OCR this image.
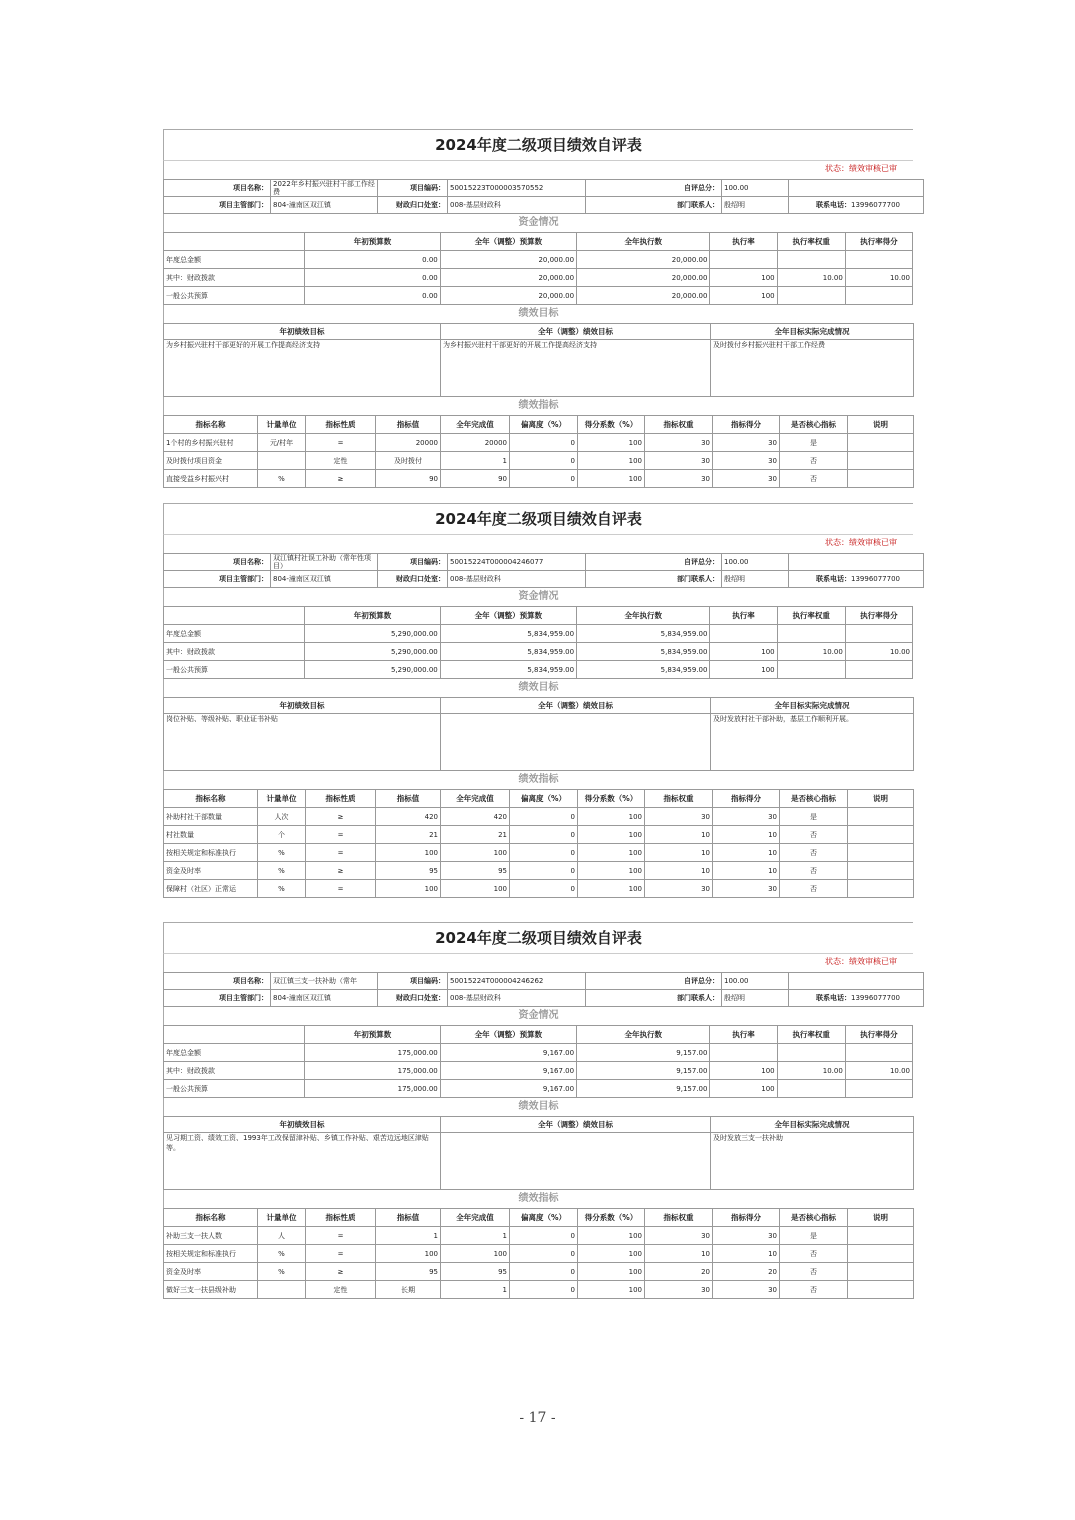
2024年度二级项目绩效自评表
状态：绩效审核已审
项目名称：	2022年乡村振兴驻村干部工作经费	项目编码：	50015223T000003570552	自评总分：	100.00	
项目主管部门：	804-潼南区双江镇	财政归口处室：	008-基层财政科	部门联系人：	殷绍明	联系电话：13996077700
资金情况
	年初预算数	全年（调整）预算数	全年执行数	执行率	执行率权重	执行率得分
年度总金额	0.00	20,000.00	20,000.00			
其中：财政拨款	0.00	20,000.00	20,000.00	100	10.00	10.00
一般公共预算	0.00	20,000.00	20,000.00	100		
绩效目标
年初绩效目标	全年（调整）绩效目标	全年目标实际完成情况
为乡村振兴驻村干部更好的开展工作提高经济支持	为乡村振兴驻村干部更好的开展工作提高经济支持	及时拨付乡村振兴驻村干部工作经费
绩效指标
指标名称	计量单位	指标性质	指标值	全年完成值	偏离度（%）	得分系数（%）	指标权重	指标得分	是否核心指标	说明
1个村的乡村振兴驻村	元/村年	=	20000	20000	0	100	30	30	是	
及时拨付项目资金		定性	及时拨付	1	0	100	30	30	否	
直接受益乡村振兴村	%	≥	90	90	0	100	30	30	否	
2024年度二级项目绩效自评表
状态：绩效审核已审
项目名称：	双江镇村社误工补助（常年性项目）	项目编码：	50015224T000004246077	自评总分：	100.00	
项目主管部门：	804-潼南区双江镇	财政归口处室：	008-基层财政科	部门联系人：	殷绍明	联系电话：13996077700
资金情况
	年初预算数	全年（调整）预算数	全年执行数	执行率	执行率权重	执行率得分
年度总金额	5,290,000.00	5,834,959.00	5,834,959.00			
其中：财政拨款	5,290,000.00	5,834,959.00	5,834,959.00	100	10.00	10.00
一般公共预算	5,290,000.00	5,834,959.00	5,834,959.00	100		
绩效目标
年初绩效目标	全年（调整）绩效目标	全年目标实际完成情况
岗位补贴、等级补贴、职业证书补贴		及时发放村社干部补助，基层工作顺利开展。
绩效指标
指标名称	计量单位	指标性质	指标值	全年完成值	偏离度（%）	得分系数（%）	指标权重	指标得分	是否核心指标	说明
补助村社干部数量	人次	≥	420	420	0	100	30	30	是	
村社数量	个	=	21	21	0	100	10	10	否	
按相关规定和标准执行	%	=	100	100	0	100	10	10	否	
资金及时率	%	≥	95	95	0	100	10	10	否	
保障村（社区）正常运	%	=	100	100	0	100	30	30	否	
2024年度二级项目绩效自评表
状态：绩效审核已审
项目名称：	双江镇三支一扶补助（常年	项目编码：	50015224T000004246262	自评总分：	100.00	
项目主管部门：	804-潼南区双江镇	财政归口处室：	008-基层财政科	部门联系人：	殷绍明	联系电话：13996077700
资金情况
	年初预算数	全年（调整）预算数	全年执行数	执行率	执行率权重	执行率得分
年度总金额	175,000.00	9,167.00	9,157.00			
其中：财政拨款	175,000.00	9,167.00	9,157.00	100	10.00	10.00
一般公共预算	175,000.00	9,167.00	9,157.00	100		
绩效目标
年初绩效目标	全年（调整）绩效目标	全年目标实际完成情况
见习期工资、绩效工资、1993年工改保留津补贴、乡镇工作补贴、艰苦边远地区津贴等。		及时发放三支一扶补助
绩效指标
指标名称	计量单位	指标性质	指标值	全年完成值	偏离度（%）	得分系数（%）	指标权重	指标得分	是否核心指标	说明
补助三支一扶人数	人	=	1	1	0	100	30	30	是	
按相关规定和标准执行	%	=	100	100	0	100	10	10	否	
资金及时率	%	≥	95	95	0	100	20	20	否	
做好三支一扶县级补助		定性	长期	1	0	100	30	30	否	
- 17 -
